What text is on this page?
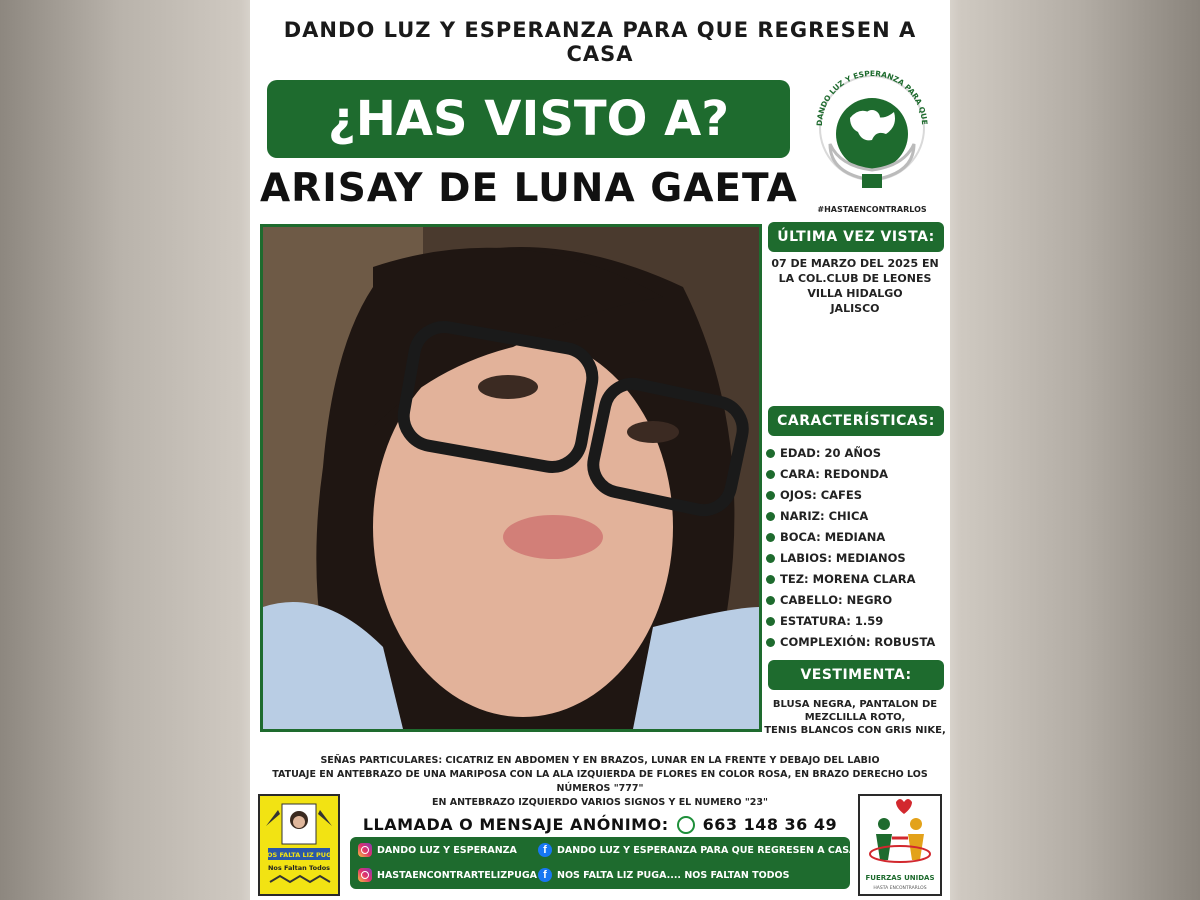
DANDO LUZ Y ESPERANZA PARA QUE REGRESEN A CASA
¿HAS VISTO A?
ARISAY DE LUNA GAETA
DANDO LUZ Y ESPERANZA PARA QUE
#HASTAENCONTRARLOS
ÚLTIMA VEZ VISTA:
07 DE MARZO DEL 2025 EN
LA COL.CLUB DE LEONES
VILLA HIDALGO
JALISCO
CARACTERÍSTICAS:
EDAD: 20 AÑOS
CARA: REDONDA
OJOS: CAFES
NARIZ: CHICA
BOCA: MEDIANA
LABIOS: MEDIANOS
TEZ: MORENA CLARA
CABELLO: NEGRO
ESTATURA: 1.59
COMPLEXIÓN: ROBUSTA
VESTIMENTA:
BLUSA NEGRA, PANTALON DE
MEZCLILLA ROTO,
TENIS BLANCOS CON GRIS NIKE,
SEÑAS PARTICULARES: CICATRIZ EN ABDOMEN Y EN BRAZOS, LUNAR EN LA FRENTE Y DEBAJO DEL LABIO
TATUAJE EN ANTEBRAZO DE UNA MARIPOSA CON LA ALA IZQUIERDA DE FLORES EN COLOR ROSA, EN BRAZO DERECHO LOS NÚMEROS "777"
EN ANTEBRAZO IZQUIERDO VARIOS SIGNOS Y EL NUMERO "23"
NOS FALTA LIZ PUGA
Nos Faltan Todos
LLAMADA O MENSAJE ANÓNIMO: 663 148 36 49
DANDO LUZ Y ESPERANZA	f	DANDO LUZ Y ESPERANZA PARA QUE REGRESEN A CASA
HASTAENCONTRARTELIZPUGA f	NOS FALTA LIZ PUGA.... NOS FALTAN TODOS	FUERZAS UNIDAS
HASTA ENCONTRARLOS
